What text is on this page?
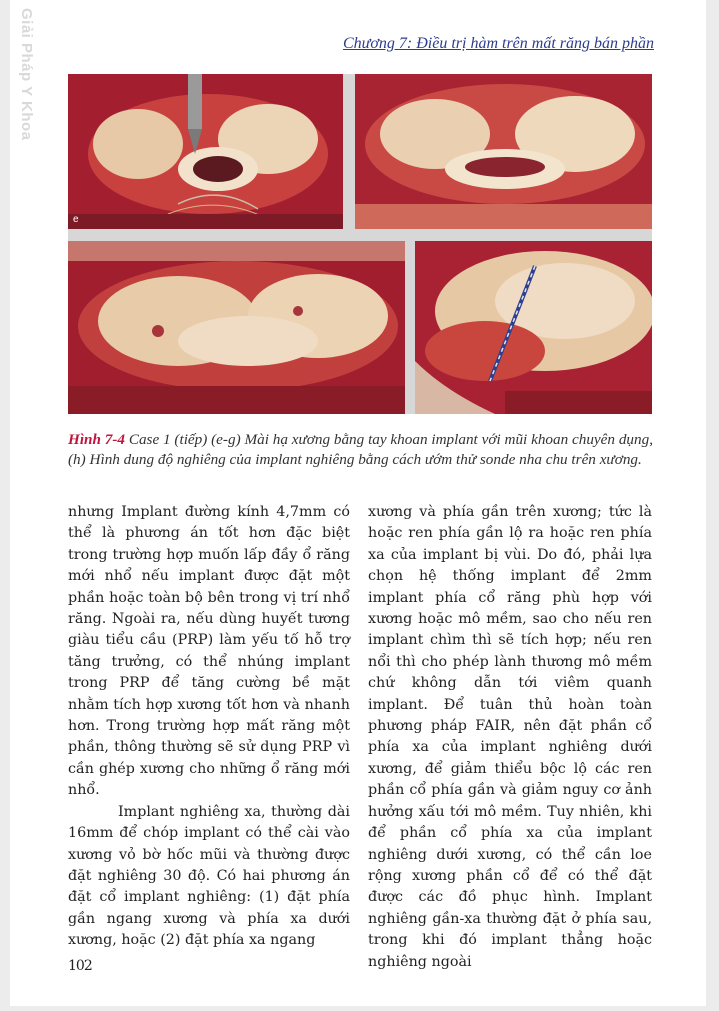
Giải Pháp Y Khoa	Chương 7: Điều trị hàm trên mất răng bán phần
e
Hình 7-4 Case 1 (tiếp) (e-g) Mài hạ xương bằng tay khoan implant với mũi khoan chuyên dụng, (h) Hình dung độ nghiêng của implant nghiêng bằng cách ướm thử sonde nha chu trên xương.

nhưng Implant đường kính 4,7mm có thể là phương án tốt hơn đặc biệt trong trường hợp muốn lấp đầy ổ răng mới nhổ nếu implant được đặt một phần hoặc toàn bộ bên trong vị trí nhổ răng. Ngoài ra, nếu dùng huyết tương giàu tiểu cầu (PRP) làm yếu tố hỗ trợ tăng trưởng, có thể nhúng implant trong PRP để tăng cường bề mặt nhằm tích hợp xương tốt hơn và nhanh hơn. Trong trường hợp mất răng một phần, thông thường sẽ sử dụng PRP vì cần ghép xương cho những ổ răng mới nhổ.

Implant nghiêng xa, thường dài 16mm để chóp implant có thể cài vào xương vỏ bờ hốc mũi và thường được đặt nghiêng 30 độ. Có hai phương án đặt cổ implant nghiêng: (1) đặt phía gần ngang xương và phía xa dưới xương, hoặc (2) đặt phía xa ngang

xương và phía gần trên xương; tức là hoặc ren phía gần lộ ra hoặc ren phía xa của implant bị vùi. Do đó, phải lựa chọn hệ thống implant để 2mm implant phía cổ răng phù hợp với xương hoặc mô mềm, sao cho nếu ren implant chìm thì sẽ tích hợp; nếu ren nổi thì cho phép lành thương mô mềm chứ không dẫn tới viêm quanh implant. Để tuân thủ hoàn toàn phương pháp FAIR, nên đặt phần cổ phía xa của implant nghiêng dưới xương, để giảm thiểu bộc lộ các ren phần cổ phía gần và giảm nguy cơ ảnh hưởng xấu tới mô mềm. Tuy nhiên, khi để phần cổ phía xa của implant nghiêng dưới xương, có thể cần loe rộng xương phần cổ để có thể đặt được các đồ phục hình. Implant nghiêng gần-xa thường đặt ở phía sau, trong khi đó implant thẳng hoặc nghiêng ngoài

102
